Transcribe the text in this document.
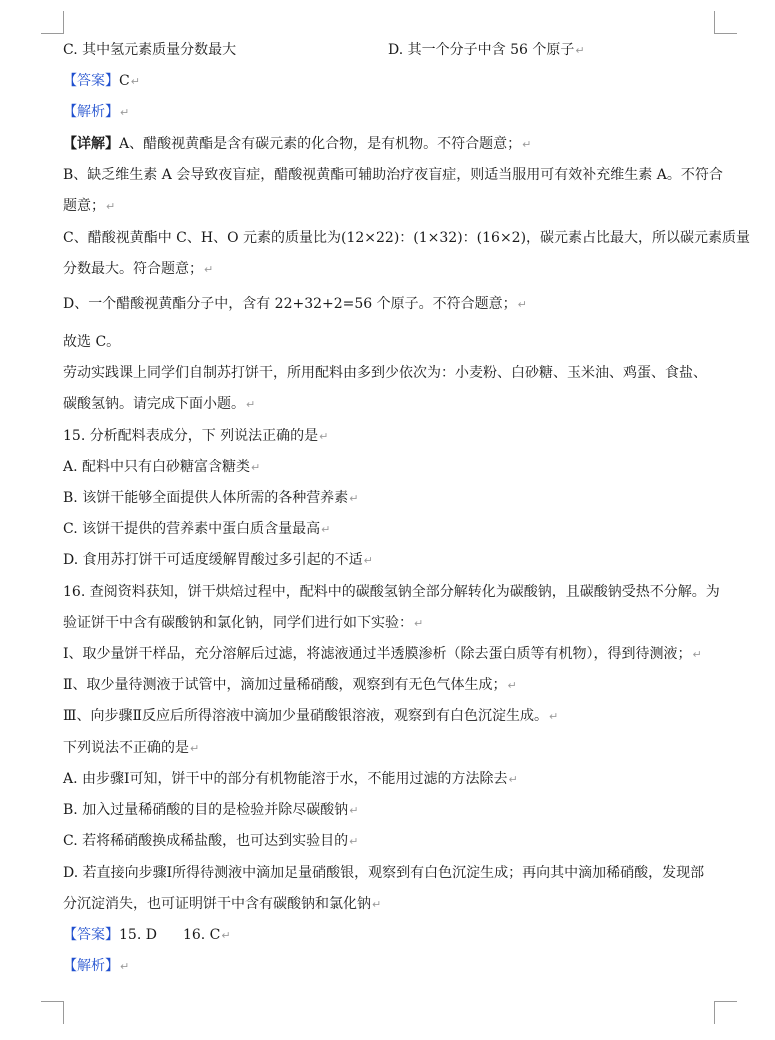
C. 其中氢元素质量分数最大	D. 其一个分子中含 56 个原子↵
【答案】C↵
【解析】↵
【详解】A、醋酸视黄酯是含有碳元素的化合物，是有机物。不符合题意；↵
B、缺乏维生素 A 会导致夜盲症，醋酸视黄酯可辅助治疗夜盲症，则适当服用可有效补充维生素 A。不符合
题意；↵
C、醋酸视黄酯中 C、H、O 元素的质量比为(12×22)：(1×32)：(16×2)，碳元素占比最大，所以碳元素质量
分数最大。符合题意；↵
D、一个醋酸视黄酯分子中，含有 22+32+2=56 个原子。不符合题意；↵
故选 C。
劳动实践课上同学们自制苏打饼干，所用配料由多到少依次为：小麦粉、白砂糖、玉米油、鸡蛋、食盐、
碳酸氢钠。请完成下面小题。↵
15. 分析配料表成分，下 列说法正确的是↵
A. 配料中只有白砂糖富含糖类↵
B. 该饼干能够全面提供人体所需的各种营养素↵
C. 该饼干提供的营养素中蛋白质含量最高↵
D. 食用苏打饼干可适度缓解胃酸过多引起的不适↵
16. 查阅资料获知，饼干烘焙过程中，配料中的碳酸氢钠全部分解转化为碳酸钠，且碳酸钠受热不分解。为
验证饼干中含有碳酸钠和氯化钠，同学们进行如下实验：↵
Ⅰ、取少量饼干样品，充分溶解后过滤，将滤液通过半透膜渗析（除去蛋白质等有机物），得到待测液；↵
Ⅱ、取少量待测液于试管中，滴加过量稀硝酸，观察到有无色气体生成；↵
Ⅲ、向步骤Ⅱ反应后所得溶液中滴加少量硝酸银溶液，观察到有白色沉淀生成。↵
下列说法不正确的是↵
A. 由步骤Ⅰ可知，饼干中的部分有机物能溶于水，不能用过滤的方法除去↵
B. 加入过量稀硝酸的目的是检验并除尽碳酸钠↵
C. 若将稀硝酸换成稀盐酸，也可达到实验目的↵
D. 若直接向步骤Ⅰ所得待测液中滴加足量硝酸银，观察到有白色沉淀生成；再向其中滴加稀硝酸，发现部
分沉淀消失，也可证明饼干中含有碳酸钠和氯化钠↵
【答案】15. D 16. C↵
【解析】↵
